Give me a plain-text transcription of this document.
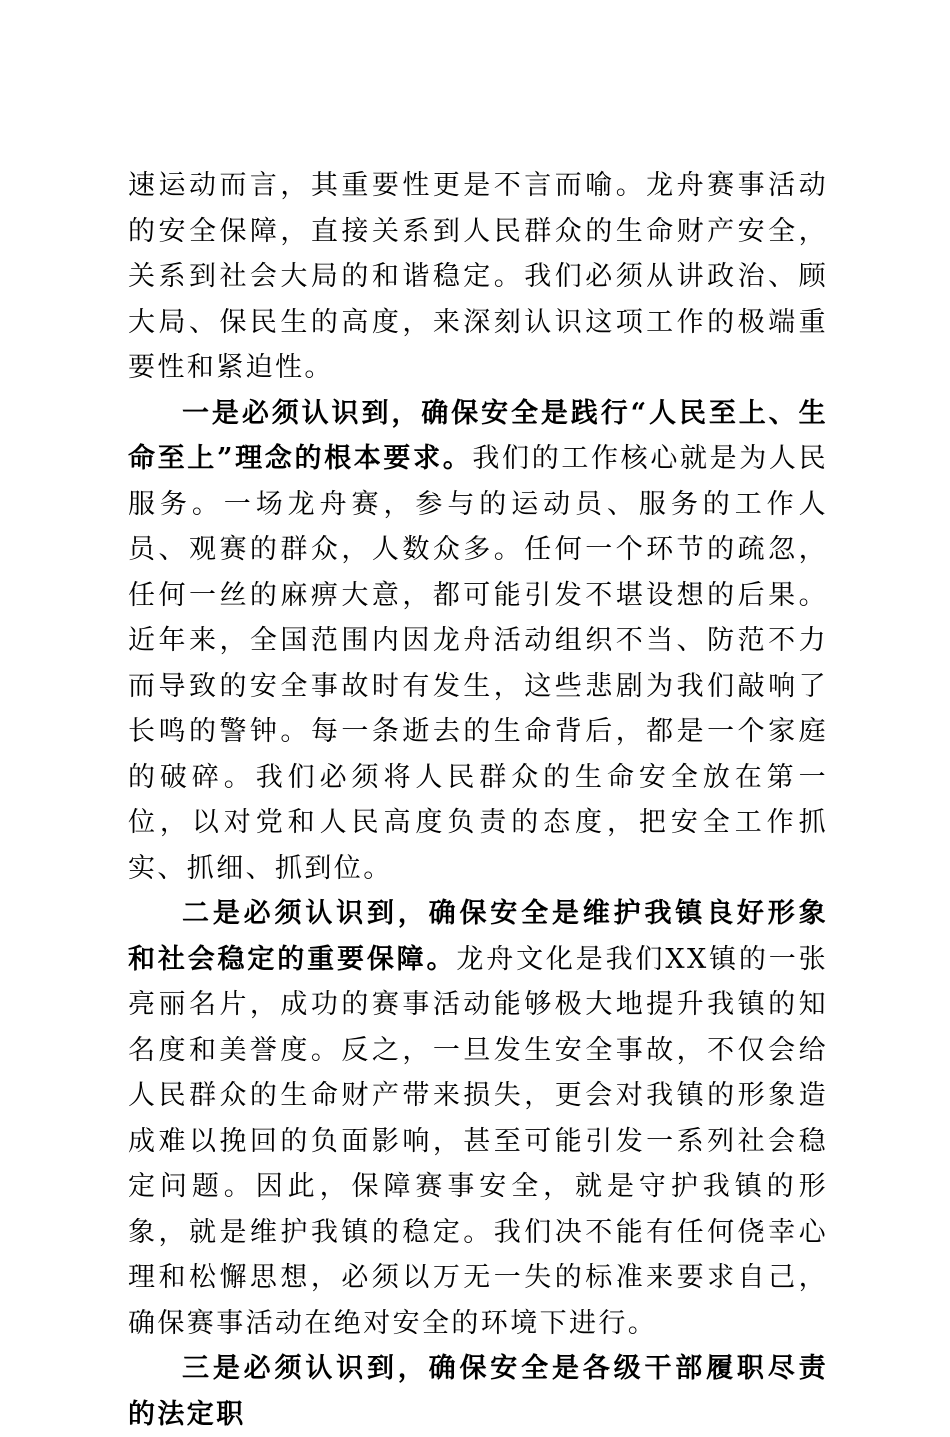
速运动而言，其重要性更是不言而喻。龙舟赛事活动的安全保障，直接关系到人民群众的生命财产安全，关系到社会大局的和谐稳定。我们必须从讲政治、顾大局、保民生的高度，来深刻认识这项工作的极端重要性和紧迫性。

一是必须认识到，确保安全是践行“人民至上、生命至上”理念的根本要求。我们的工作核心就是为人民服务。一场龙舟赛，参与的运动员、服务的工作人员、观赛的群众，人数众多。任何一个环节的疏忽，任何一丝的麻痹大意，都可能引发不堪设想的后果。近年来，全国范围内因龙舟活动组织不当、防范不力而导致的安全事故时有发生，这些悲剧为我们敲响了长鸣的警钟。每一条逝去的生命背后，都是一个家庭的破碎。我们必须将人民群众的生命安全放在第一位，以对党和人民高度负责的态度，把安全工作抓实、抓细、抓到位。

二是必须认识到，确保安全是维护我镇良好形象和社会稳定的重要保障。龙舟文化是我们XX镇的一张亮丽名片，成功的赛事活动能够极大地提升我镇的知名度和美誉度。反之，一旦发生安全事故，不仅会给人民群众的生命财产带来损失，更会对我镇的形象造成难以挽回的负面影响，甚至可能引发一系列社会稳定问题。因此，保障赛事安全，就是守护我镇的形象，就是维护我镇的稳定。我们决不能有任何侥幸心理和松懈思想，必须以万无一失的标准来要求自己，确保赛事活动在绝对安全的环境下进行。

三是必须认识到，确保安全是各级干部履职尽责的法定职
